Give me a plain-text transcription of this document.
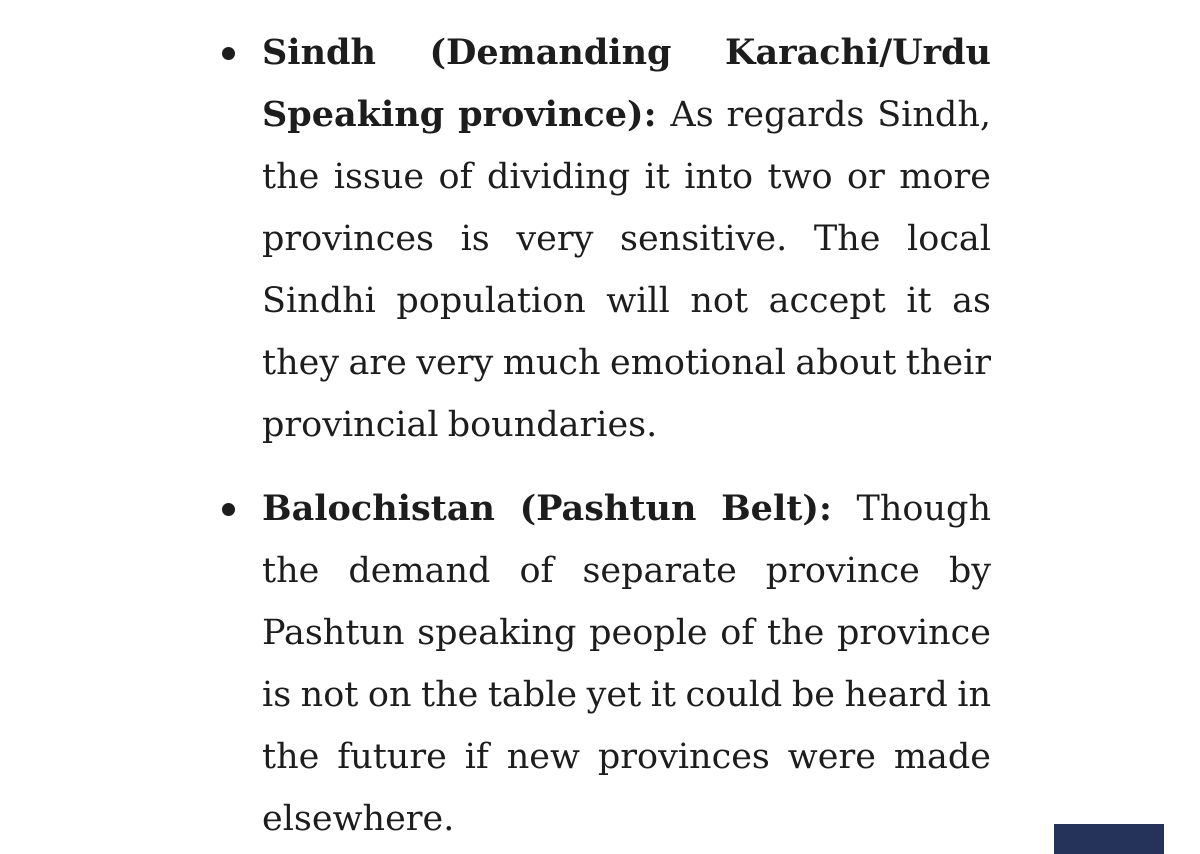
Sindh (Demanding Karachi/Urdu Speaking province): As regards Sindh, the issue of dividing it into two or more provinces is very sensitive. The local Sindhi population will not accept it as they are very much emotional about their provincial boundaries.
Balochistan (Pashtun Belt): Though the demand of separate province by Pashtun speaking people of the province is not on the table yet it could be heard in the future if new provinces were made elsewhere.
